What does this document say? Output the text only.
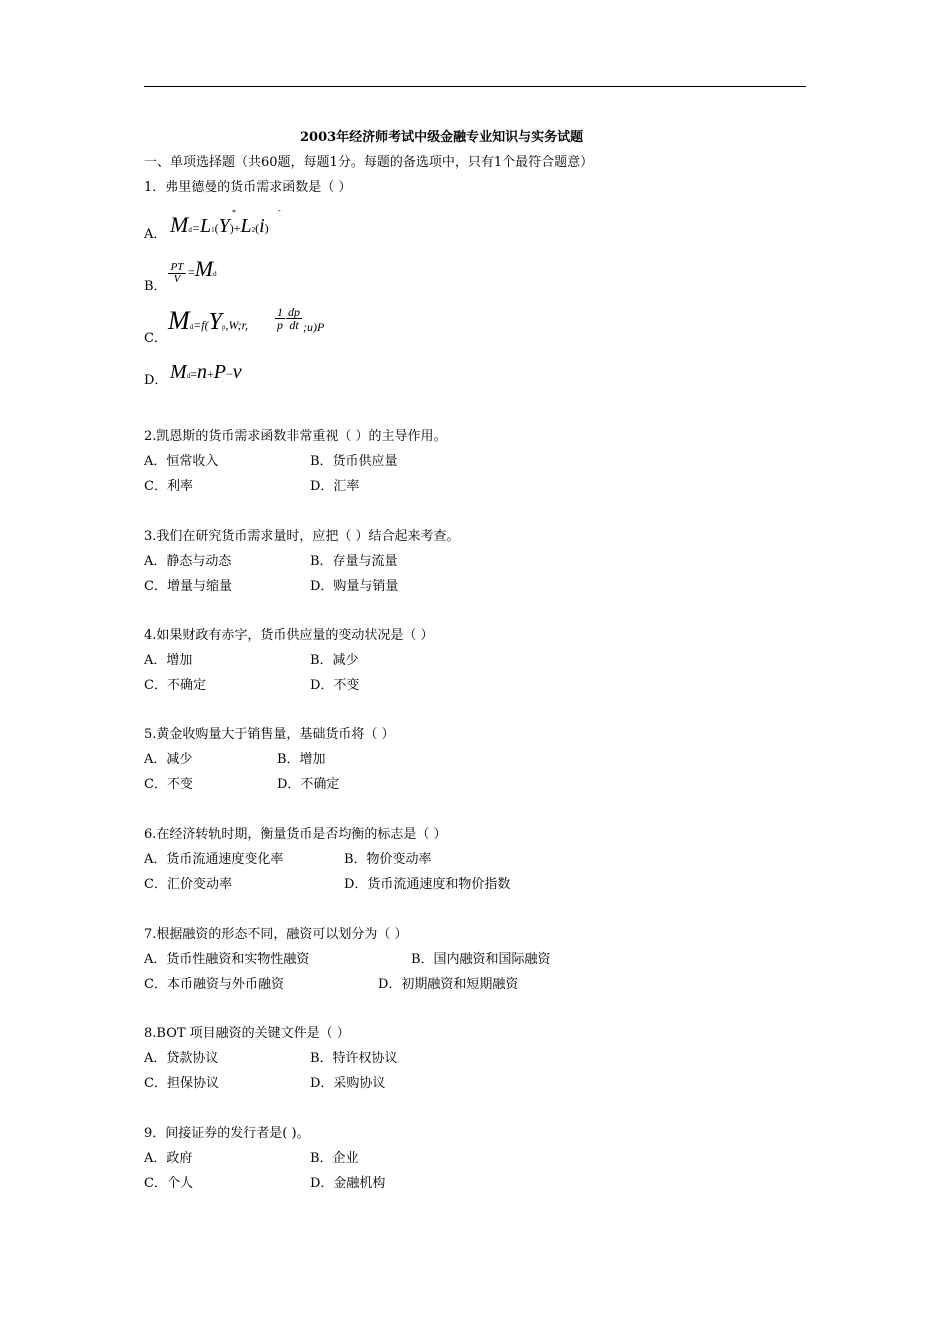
2003年经济师考试中级金融专业知识与实务试题
一、单项选择题（共60题，每题1分。每题的备选项中，只有1个最符合题意）
1．弗里德曼的货币需求函数是（ ）
A． Md=L1(Y)+L2(i)
*	-
B．
$\frac{PT}{V} =Md$
C．
Md=f(Yp,W;r, $\frac{1}{p} \frac{dp}{dt}$ ;u)P
D． Md=n+P−v
2.凯恩斯的货币需求函数非常重视（ ）的主导作用。
A．恒常收入	B．货币供应量
C．利率	D．汇率
3.我们在研究货币需求量时，应把（ ）结合起来考查。
A．静态与动态	B．存量与流量
C．增量与缩量	D．购量与销量
4.如果财政有赤字，货币供应量的变动状况是（ ）
A．增加	B．减少
C．不确定	D．不变
5.黄金收购量大于销售量，基础货币将（ ）
A．减少	B．增加
C．不变	D．不确定
6.在经济转轨时期，衡量货币是否均衡的标志是（ ）
A．货币流通速度变化率	B．物价变动率
C．汇价变动率	D．货币流通速度和物价指数
7.根据融资的形态不同，融资可以划分为（ ）
A．货币性融资和实物性融资	B．国内融资和国际融资
C．本币融资与外币融资	D．初期融资和短期融资
8.BOT 项目融资的关键文件是（ ）
A．贷款协议	B．特许权协议
C．担保协议	D．采购协议
9．间接证券的发行者是( )。
A．政府	B．企业
C．个人	D．金融机构
